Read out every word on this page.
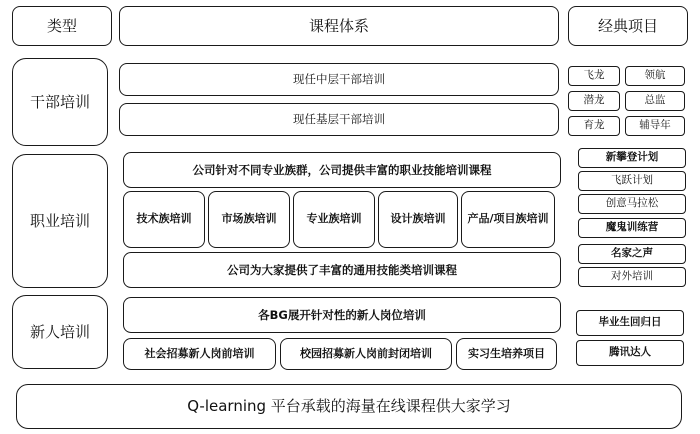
类型	课程体系	经典项目
干部培训
现任中层干部培训
现任基层干部培训
飞龙	领航
潜龙	总监
育龙	辅导年
职业培训
公司针对不同专业族群，公司提供丰富的职业技能培训课程
技术族培训	市场族培训	专业族培训	设计族培训	产品/项目族培训
公司为大家提供了丰富的通用技能类培训课程
新攀登计划
飞跃计划
创意马拉松
魔鬼训练营
名家之声
对外培训
新人培训
各BG展开针对性的新人岗位培训
社会招募新人岗前培训	校园招募新人岗前封闭培训	实习生培养项目
毕业生回归日
腾讯达人
Q-learning 平台承载的海量在线课程供大家学习
